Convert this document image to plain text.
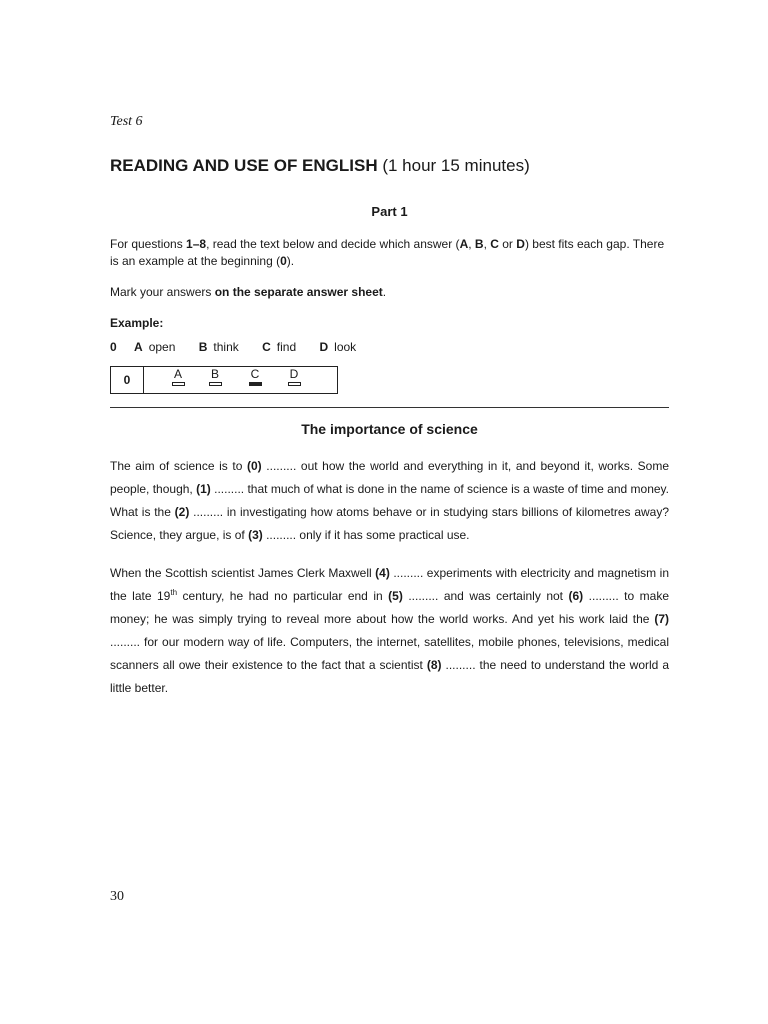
Test 6
READING AND USE OF ENGLISH (1 hour 15 minutes)
Part 1
For questions 1–8, read the text below and decide which answer (A, B, C or D) best fits each gap. There is an example at the beginning (0).
Mark your answers on the separate answer sheet.
Example:
0 A open B think C find D look
0	A	B	C	D
The importance of science
The aim of science is to (0) ......... out how the world and everything in it, and beyond it, works. Some people, though, (1) ......... that much of what is done in the name of science is a waste of time and money. What is the (2) ......... in investigating how atoms behave or in studying stars billions of kilometres away? Science, they argue, is of (3) ......... only if it has some practical use.
When the Scottish scientist James Clerk Maxwell (4) ......... experiments with electricity and magnetism in the late 19th century, he had no particular end in (5) ......... and was certainly not (6) ......... to make money; he was simply trying to reveal more about how the world works. And yet his work laid the (7) ......... for our modern way of life. Computers, the internet, satellites, mobile phones, televisions, medical scanners all owe their existence to the fact that a scientist (8) ......... the need to understand the world a little better.
30
